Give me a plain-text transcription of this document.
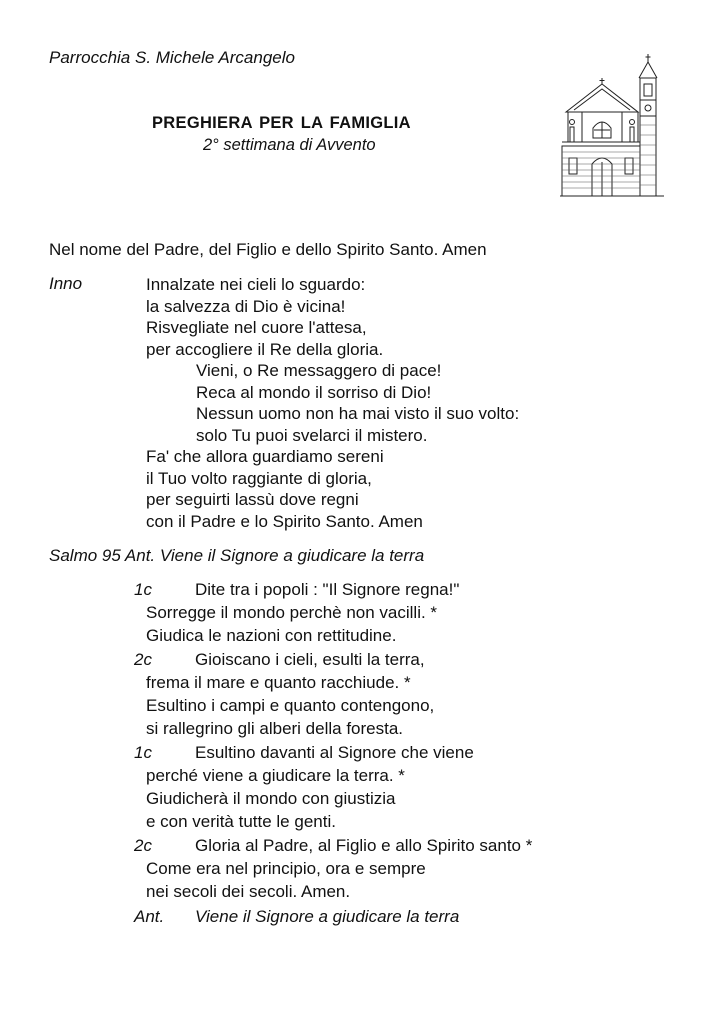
Parrocchia S. Michele Arcangelo
PREGHIERA PER LA FAMIGLIA
2° settimana di Avvento
Nel nome del Padre, del Figlio e dello Spirito Santo. Amen
Inno	Innalzate nei cieli lo sguardo:
la salvezza di Dio è vicina!
Risvegliate nel cuore l'attesa,
per accogliere il Re della gloria.
Vieni, o Re messaggero di pace!
Reca al mondo il sorriso di Dio!
Nessun uomo non ha mai visto il suo volto:
solo Tu puoi svelarci il mistero.
Fa' che allora guardiamo sereni
il Tuo volto raggiante di gloria,
per seguirti lassù dove regni
con il Padre e lo Spirito Santo. Amen
Salmo 95 Ant. Viene il Signore a giudicare la terra
1c	Dite tra i popoli : "Il Signore regna!"
Sorregge il mondo perchè non vacilli. *
Giudica le nazioni con rettitudine.
2c	Gioiscano i cieli, esulti la terra,
frema il mare e quanto racchiude. *
Esultino i campi e quanto contengono,
si rallegrino gli alberi della foresta.
1c	Esultino davanti al Signore che viene
perché viene a giudicare la terra. *
Giudicherà il mondo con giustizia
e con verità tutte le genti.
2c	Gloria al Padre, al Figlio e allo Spirito santo *
Come era nel principio, ora e sempre
nei secoli dei secoli. Amen.
Ant. Viene il Signore a giudicare la terra
